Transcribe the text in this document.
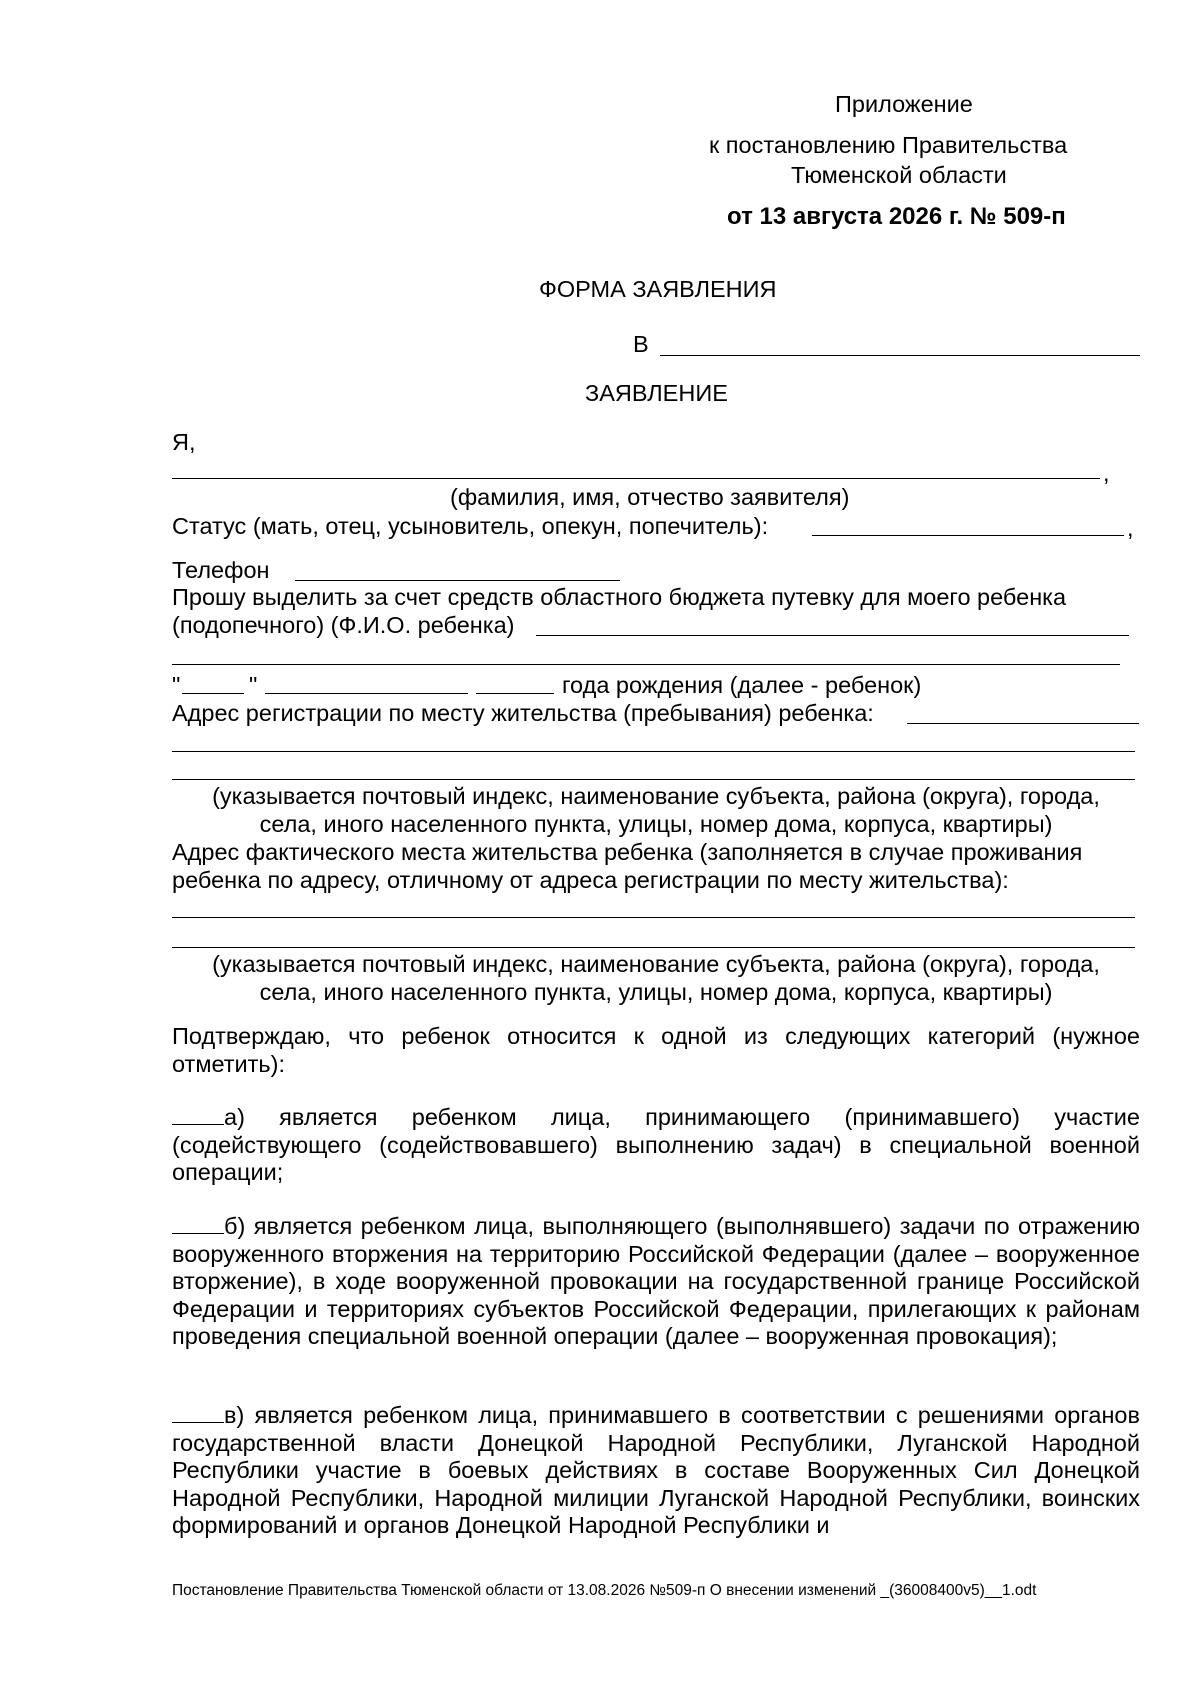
Приложение
к постановлению Правительства
Тюменской области
от 13 августа 2026 г. № 509-п
ФОРМА ЗАЯВЛЕНИЯ
В
ЗАЯВЛЕНИЕ
Я,
,
(фамилия, имя, отчество заявителя)
Статус (мать, отец, усыновитель, опекун, попечитель):	,
Телефон
Прошу выделить за счет средств областного бюджета путевку для моего ребенка
(подопечного) (Ф.И.О. ребенка)
"	"	года рождения (далее - ребенок)
Адрес регистрации по месту жительства (пребывания) ребенка:
(указывается почтовый индекс, наименование субъекта, района (округа), города,
села, иного населенного пункта, улицы, номер дома, корпуса, квартиры)
Адрес фактического места жительства ребенка (заполняется в случае проживания
ребенка по адресу, отличному от адреса регистрации по месту жительства):
(указывается почтовый индекс, наименование субъекта, района (округа), города,
села, иного населенного пункта, улицы, номер дома, корпуса, квартиры)
Подтверждаю, что ребенок относится к одной из следующих категорий (нужное отметить):
а) является ребенком лица, принимающего (принимавшего) участие (содействующего (содействовавшего) выполнению задач) в специальной военной операции;
б) является ребенком лица, выполняющего (выполнявшего) задачи по отражению вооруженного вторжения на территорию Российской Федерации (далее – вооруженное вторжение), в ходе вооруженной провокации на государственной границе Российской Федерации и территориях субъектов Российской Федерации, прилегающих к районам проведения специальной военной операции (далее – вооруженная провокация);
в) является ребенком лица, принимавшего в соответствии с решениями органов государственной власти Донецкой Народной Республики, Луганской Народной Республики участие в боевых действиях в составе Вооруженных Сил Донецкой Народной Республики, Народной милиции Луганской Народной Республики, воинских формирований и органов Донецкой Народной Республики и
Постановление Правительства Тюменской области от 13.08.2026 №509-п О внесении изменений _(36008400v5)__1.odt
